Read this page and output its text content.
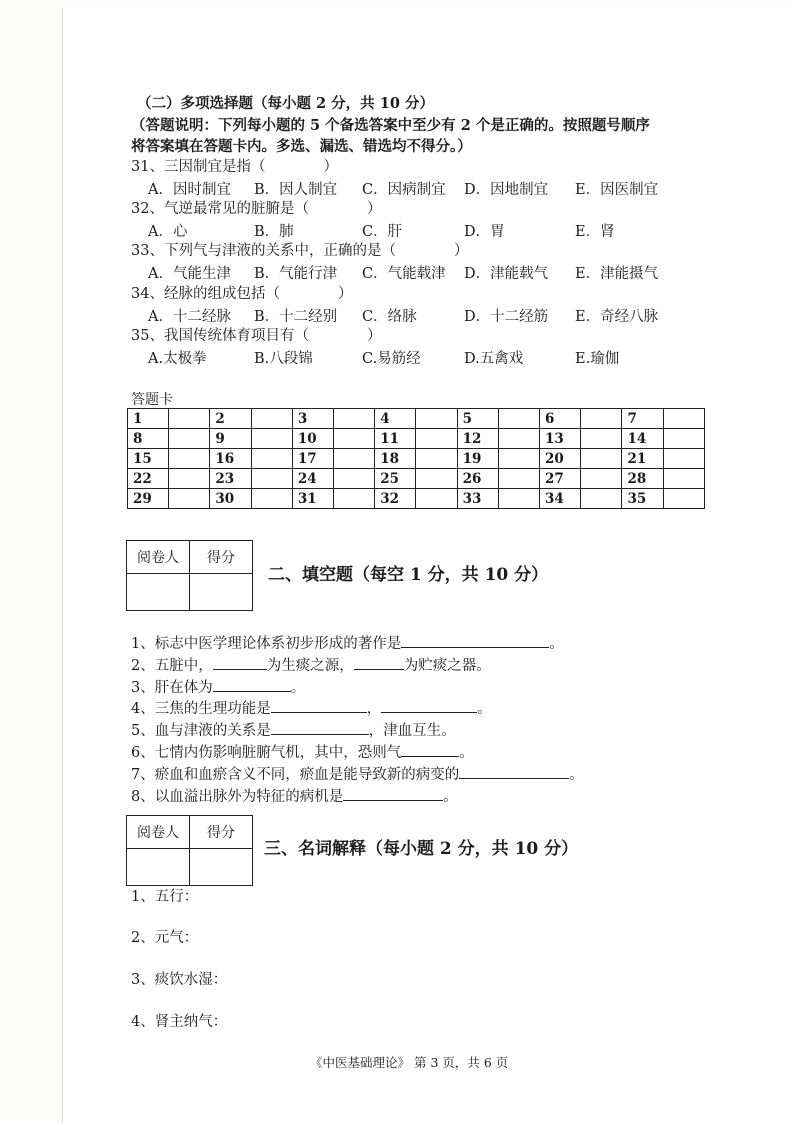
（二）多项选择题（每小题 2 分，共 10 分）
（答题说明：下列每小题的 5 个备选答案中至少有 2 个是正确的。按照题号顺序
将答案填在答题卡内。多选、漏选、错选均不得分。）
31、三因制宜是指（　　　　）
A．因时制宜 B．因人制宜 C．因病制宜 D．因地制宜 E．因医制宜
32、气逆最常见的脏腑是（　　　　）
A．心	B．肺	C．肝	D．胃	E．肾
33、下列气与津液的关系中，正确的是（　　　　）
A．气能生津 B．气能行津 C．气能载津 D．津能载气 E．津能摄气
34、经脉的组成包括（　　　　）
A．十二经脉 B．十二经别 C．络脉	D．十二经筋 E．奇经八脉
35、我国传统体育项目有（　　　　）
A.太极拳	B.八段锦	C.易筋经	D.五禽戏	E.瑜伽
答题卡
1		2		3		4		5		6		7	
8		9		10		11		12		13		14	
15		16		17		18		19		20		21	
22		23		24		25		26		27		28	
29		30		31		32		33		34		35	
阅卷人	得分

二、填空题（每空 1 分，共 10 分）
1、标志中医学理论体系初步形成的著作是	。
2、五脏中，	为生痰之源，	为贮痰之器。
3、肝在体为	。
4、三焦的生理功能是	，	。
5、血与津液的关系是	，津血互生。
6、七情内伤影响脏腑气机，其中，恐则气	。
7、瘀血和血瘀含义不同，瘀血是能导致新的病变的	。
8、以血溢出脉外为特征的病机是	。
阅卷人	得分

三、名词解释（每小题 2 分，共 10 分）
1、五行：
2、元气：
3、痰饮水湿：
4、肾主纳气：
《中医基础理论》 第 3 页，共 6 页
